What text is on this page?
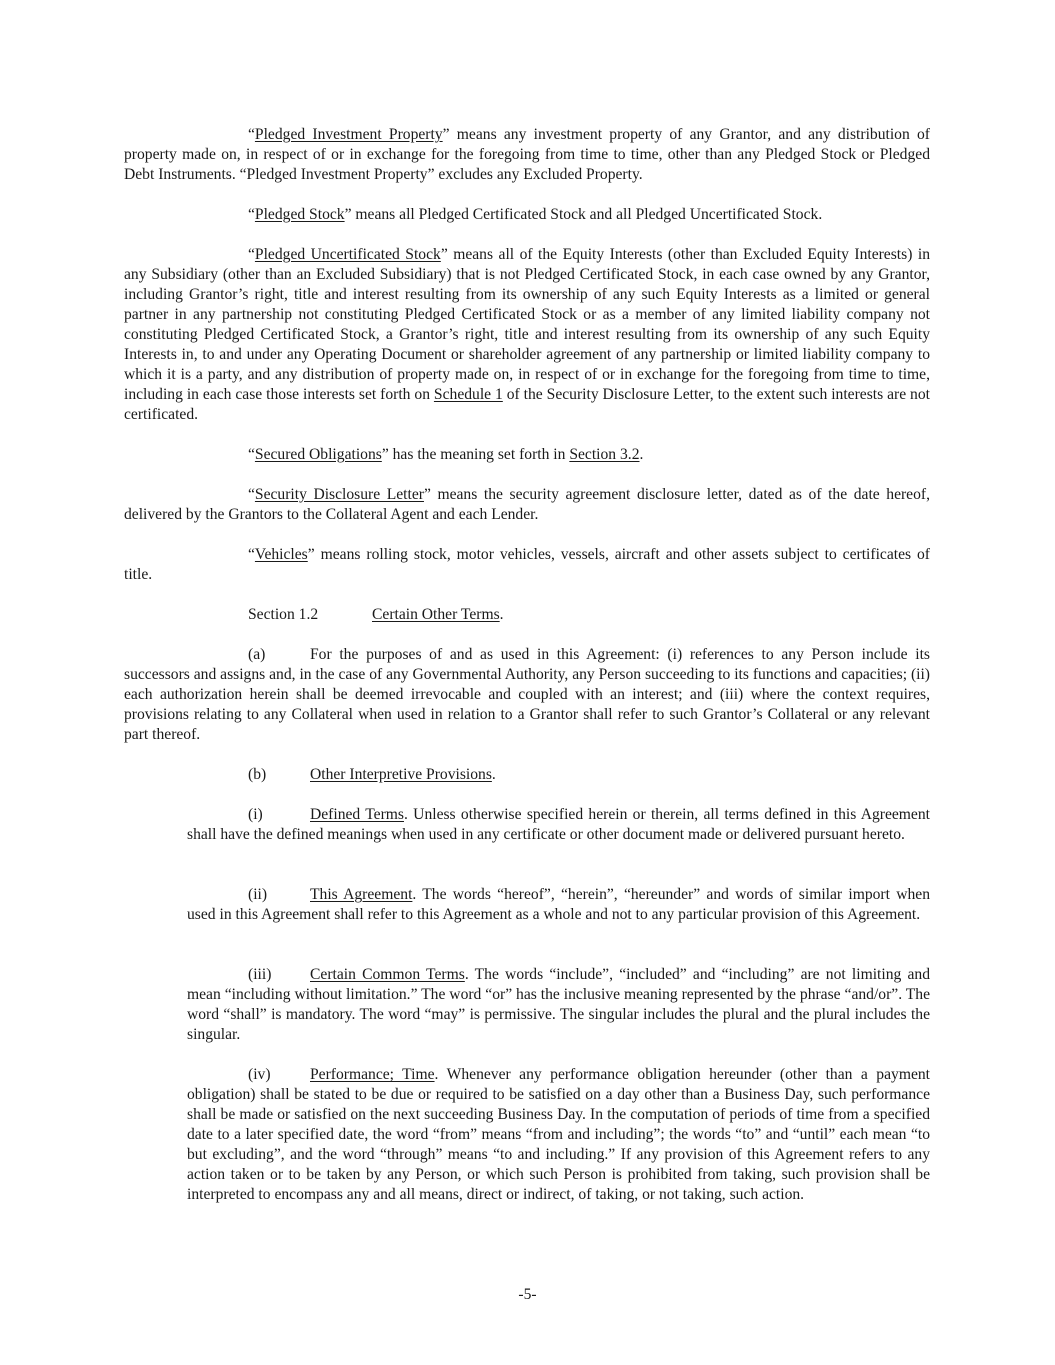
“Pledged Investment Property” means any investment property of any Grantor, and any distribution of property made on, in respect of or in exchange for the foregoing from time to time, other than any Pledged Stock or Pledged Debt Instruments. “Pledged Investment Property” excludes any Excluded Property.

“Pledged Stock” means all Pledged Certificated Stock and all Pledged Uncertificated Stock.

“Pledged Uncertificated Stock” means all of the Equity Interests (other than Excluded Equity Interests) in any Subsidiary (other than an Excluded Subsidiary) that is not Pledged Certificated Stock, in each case owned by any Grantor, including Grantor’s right, title and interest resulting from its ownership of any such Equity Interests as a limited or general partner in any partnership not constituting Pledged Certificated Stock or as a member of any limited liability company not constituting Pledged Certificated Stock, a Grantor’s right, title and interest resulting from its ownership of any such Equity Interests in, to and under any Operating Document or shareholder agreement of any partnership or limited liability company to which it is a party, and any distribution of property made on, in respect of or in exchange for the foregoing from time to time, including in each case those interests set forth on Schedule 1 of the Security Disclosure Letter, to the extent such interests are not certificated.

“Secured Obligations” has the meaning set forth in Section 3.2.

“Security Disclosure Letter” means the security agreement disclosure letter, dated as of the date hereof, delivered by the Grantors to the Collateral Agent and each Lender.

“Vehicles” means rolling stock, motor vehicles, vessels, aircraft and other assets subject to certificates of title.

Section 1.2	Certain Other Terms.

(a)	For the purposes of and as used in this Agreement: (i) references to any Person include its successors and assigns and, in the case of any Governmental Authority, any Person succeeding to its functions and capacities; (ii) each authorization herein shall be deemed irrevocable and coupled with an interest; and (iii) where the context requires, provisions relating to any Collateral when used in relation to a Grantor shall refer to such Grantor’s Collateral or any relevant part thereof.

(b)	Other Interpretive Provisions.

(i)	Defined Terms. Unless otherwise specified herein or therein, all terms defined in this Agreement shall have the defined meanings when used in any certificate or other document made or delivered pursuant hereto.

(ii)	This Agreement. The words “hereof”, “herein”, “hereunder” and words of similar import when used in this Agreement shall refer to this Agreement as a whole and not to any particular provision of this Agreement.

(iii) Certain Common Terms. The words “include”, “included” and “including” are not limiting and mean “including without limitation.” The word “or” has the inclusive meaning represented by the phrase “and/or”. The word “shall” is mandatory. The word “may” is permissive. The singular includes the plural and the plural includes the singular.

(iv)	Performance; Time. Whenever any performance obligation hereunder (other than a payment obligation) shall be stated to be due or required to be satisfied on a day other than a Business Day, such performance shall be made or satisfied on the next succeeding Business Day. In the computation of periods of time from a specified date to a later specified date, the word “from” means “from and including”; the words “to” and “until” each mean “to but excluding”, and the word “through” means “to and including.” If any provision of this Agreement refers to any action taken or to be taken by any Person, or which such Person is prohibited from taking, such provision shall be interpreted to encompass any and all means, direct or indirect, of taking, or not taking, such action.

-5-
